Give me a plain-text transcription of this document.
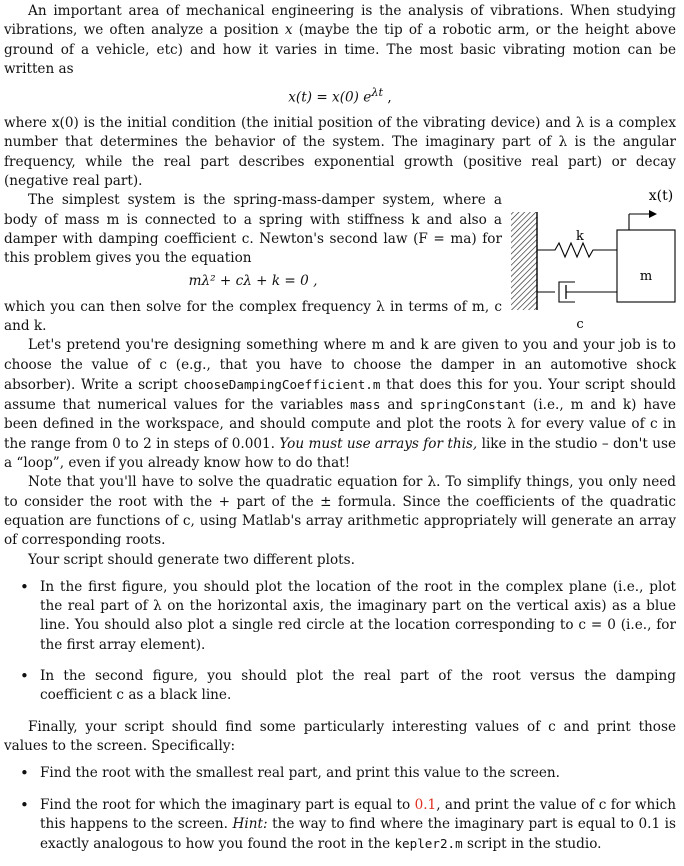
An important area of mechanical engineering is the analysis of vibrations. When studying vibrations, we often analyze a position x (maybe the tip of a robotic arm, or the height above ground of a vehicle, etc) and how it varies in time. The most basic vibrating motion can be written as

x(t) = x(0) $e^{\lambda t}$ ,

where x(0) is the initial condition (the initial position of the vibrating device) and λ is a complex number that determines the behavior of the system. The imaginary part of λ is the angular frequency, while the real part describes exponential growth (positive real part) or decay (negative real part).

The simplest system is the spring-mass-damper system, where a body of mass m is connected to a spring with stiffness k and also a damper with damping coefficient c. Newton's second law (F = ma) for this problem gives you the equation

mλ² + cλ + k = 0 ,

which you can then solve for the complex frequency λ in terms of m, c and k.

Let's pretend you're designing something where m and k are given to you and your job is to choose the value of c (e.g., that you have to choose the damper in an automotive shock absorber). Write a script chooseDampingCoefficient.m that does this for you. Your script should assume that numerical values for the variables mass and springConstant (i.e., m and k) have been defined in the workspace, and should compute and plot the roots λ for every value of c in the range from 0 to 2 in steps of 0.001. You must use arrays for this, like in the studio – don't use a “loop”, even if you already know how to do that!

Note that you'll have to solve the quadratic equation for λ. To simplify things, you only need to consider the root with the + part of the ± formula. Since the coefficients of the quadratic equation are functions of c, using Matlab's array arithmetic appropriately will generate an array of corresponding roots.

Your script should generate two different plots.

• In the first figure, you should plot the location of the root in the complex plane (i.e., plot the real part of λ on the horizontal axis, the imaginary part on the vertical axis) as a blue line. You should also plot a single red circle at the location corresponding to c = 0 (i.e., for the first array element).
• In the second figure, you should plot the real part of the root versus the damping coefficient c as a black line.

Finally, your script should find some particularly interesting values of c and print those values to the screen. Specifically:

• Find the root with the smallest real part, and print this value to the screen.
• Find the root for which the imaginary part is equal to 0.1, and print the value of c for which this happens to the screen. Hint: the way to find where the imaginary part is equal to 0.1 is exactly analogous to how you found the root in the kepler2.m script in the studio.
x(t)
k
m
c
